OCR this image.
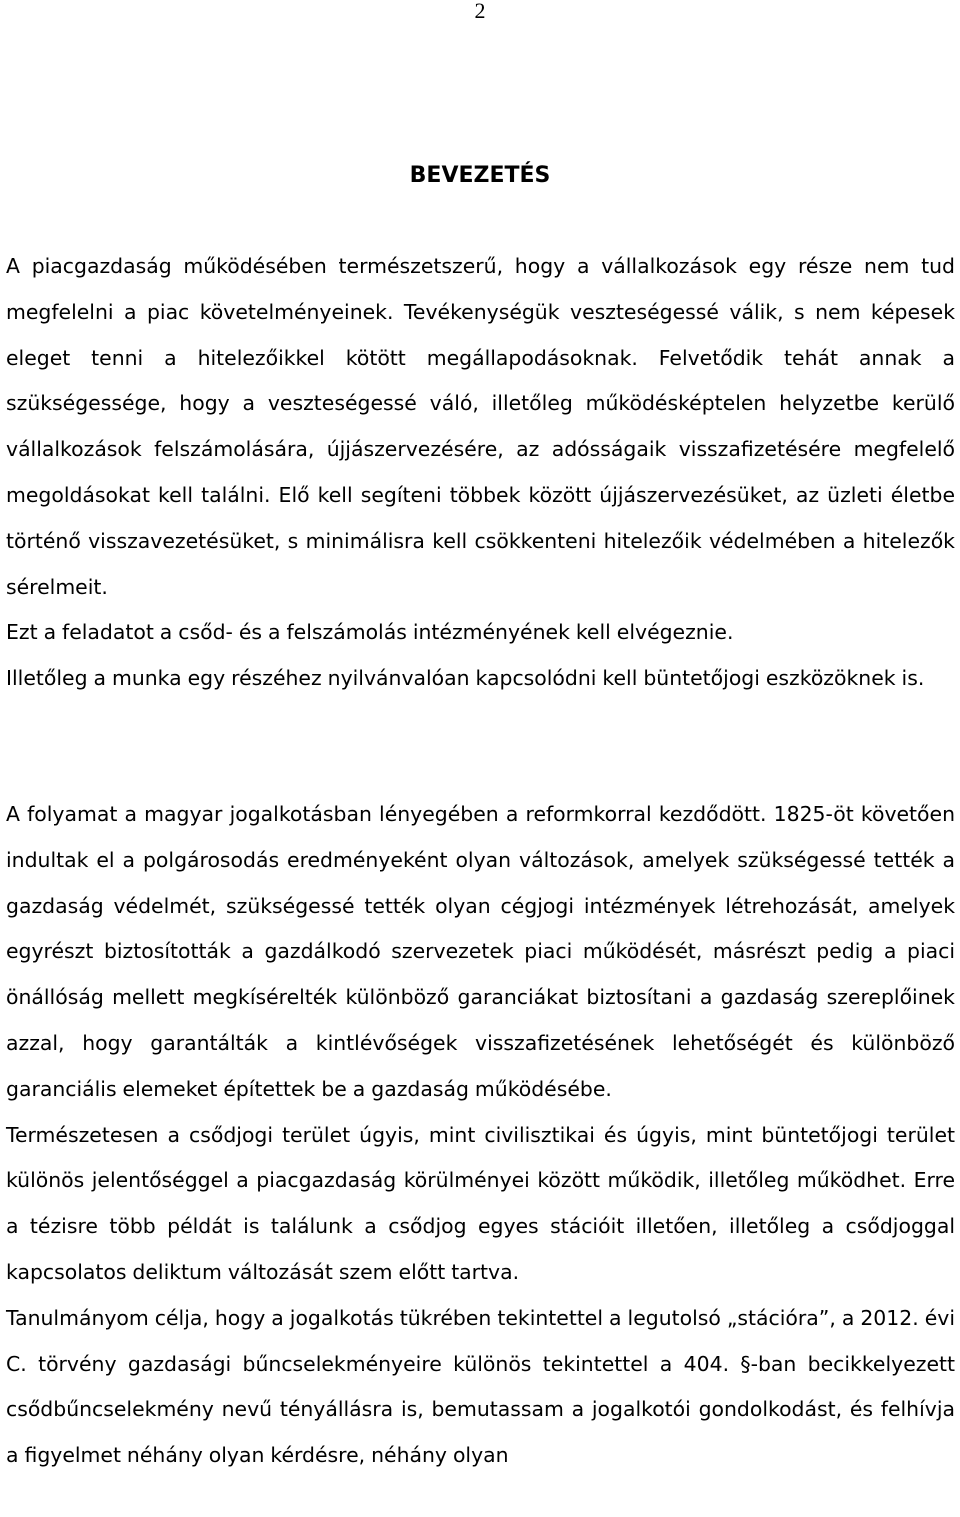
2
BEVEZETÉS

A piacgazdaság működésében természetszerű, hogy a vállalkozások egy része nem tud megfelelni a piac követelményeinek. Tevékenységük veszteségessé válik, s nem képesek eleget tenni a hitelezőikkel kötött megállapodásoknak. Felvetődik tehát annak a szükségessége, hogy a veszteségessé váló, illetőleg működésképtelen helyzetbe kerülő vállalkozások felszámolására, újjászervezésére, az adósságaik visszafizetésére megfelelő megoldásokat kell találni. Elő kell segíteni többek között újjászervezésüket, az üzleti életbe történő visszavezetésüket, s minimálisra kell csökkenteni hitelezőik védelmében a hitelezők sérelmeit.

Ezt a feladatot a csőd- és a felszámolás intézményének kell elvégeznie.

Illetőleg a munka egy részéhez nyilvánvalóan kapcsolódni kell büntetőjogi eszközöknek is.

A folyamat a magyar jogalkotásban lényegében a reformkorral kezdődött. 1825-öt követően indultak el a polgárosodás eredményeként olyan változások, amelyek szükségessé tették a gazdaság védelmét, szükségessé tették olyan cégjogi intézmények létrehozását, amelyek egyrészt biztosították a gazdálkodó szervezetek piaci működését, másrészt pedig a piaci önállóság mellett megkísérelték különböző garanciákat biztosítani a gazdaság szereplőinek azzal, hogy garantálták a kintlévőségek visszafizetésének lehetőségét és különböző garanciális elemeket építettek be a gazdaság működésébe.

Természetesen a csődjogi terület úgyis, mint civilisztikai és úgyis, mint büntetőjogi terület különös jelentőséggel a piacgazdaság körülményei között működik, illetőleg működhet. Erre a tézisre több példát is találunk a csődjog egyes stációit illetően, illetőleg a csődjoggal kapcsolatos deliktum változását szem előtt tartva.

Tanulmányom célja, hogy a jogalkotás tükrében tekintettel a legutolsó „stációra”, a 2012. évi C. törvény gazdasági bűncselekményeire különös tekintettel a 404. §-ban becikkelyezett csődbűncselekmény nevű tényállásra is, bemutassam a jogalkotói gondolkodást, és felhívja a figyelmet néhány olyan kérdésre, néhány olyan
